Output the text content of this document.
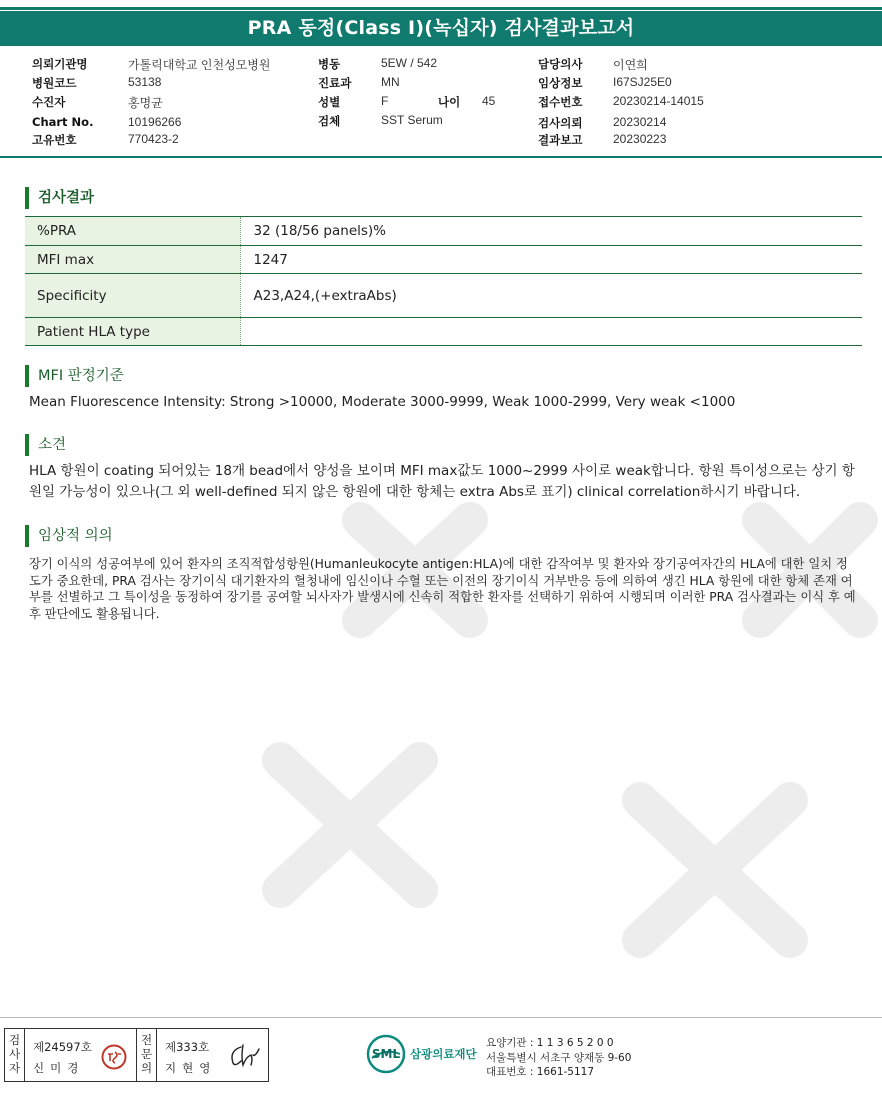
PRA 동정(Class I)(녹십자) 검사결과보고서
의뢰기관명	가톨릭대학교 인천성모병원
병원코드	53138
수진자	홍명균
Chart No.	10196266
고유번호	770423-2
병동	5EW / 542
진료과 MN
성별	F	나이 45
검체	SST Serum
담당의사	이연희
임상정보	I67SJ25E0
접수번호	20230214-14015
검사의뢰	20230214
결과보고	20230223
검사결과
%PRA	32 (18/56 panels)%
MFI max	1247
Specificity	A23,A24,(+extraAbs)
Patient HLA type	
MFI 판정기준
Mean Fluorescence Intensity: Strong >10000, Moderate 3000-9999, Weak 1000-2999, Very weak <1000
소견
HLA 항원이 coating 되어있는 18개 bead에서 양성을 보이며 MFI max값도 1000~2999 사이로 weak합니다. 항원 특이성으로는 상기 항원일 가능성이 있으나(그 외 well-defined 되지 않은 항원에 대한 항체는 extra Abs로 표기) clinical correlation하시기 바랍니다.
임상적 의의
장기 이식의 성공여부에 있어 환자의 조직적합성항원(Humanleukocyte antigen:HLA)에 대한 감작여부 및 환자와 장기공여자간의 HLA에 대한 일치 정도가 중요한데, PRA 검사는 장기이식 대기환자의 혈청내에 임신이나 수혈 또는 이전의 장기이식 거부반응 등에 의하여 생긴 HLA 항원에 대한 항체 존재 여부를 선별하고 그 특이성을 동정하여 장기를 공여할 뇌사자가 발생시에 신속히 적합한 환자를 선택하기 위하여 시행되며 이러한 PRA 검사결과는 이식 후 예후 판단에도 활용됩니다.
검
사
자
제24597호
신미경
전
문
의
제333호
지현영
SML 삼광의료재단
요양기관 : 1 1 3 6 5 2 0 0
서울특별시 서초구 양재동 9-60
대표번호 : 1661-5117
